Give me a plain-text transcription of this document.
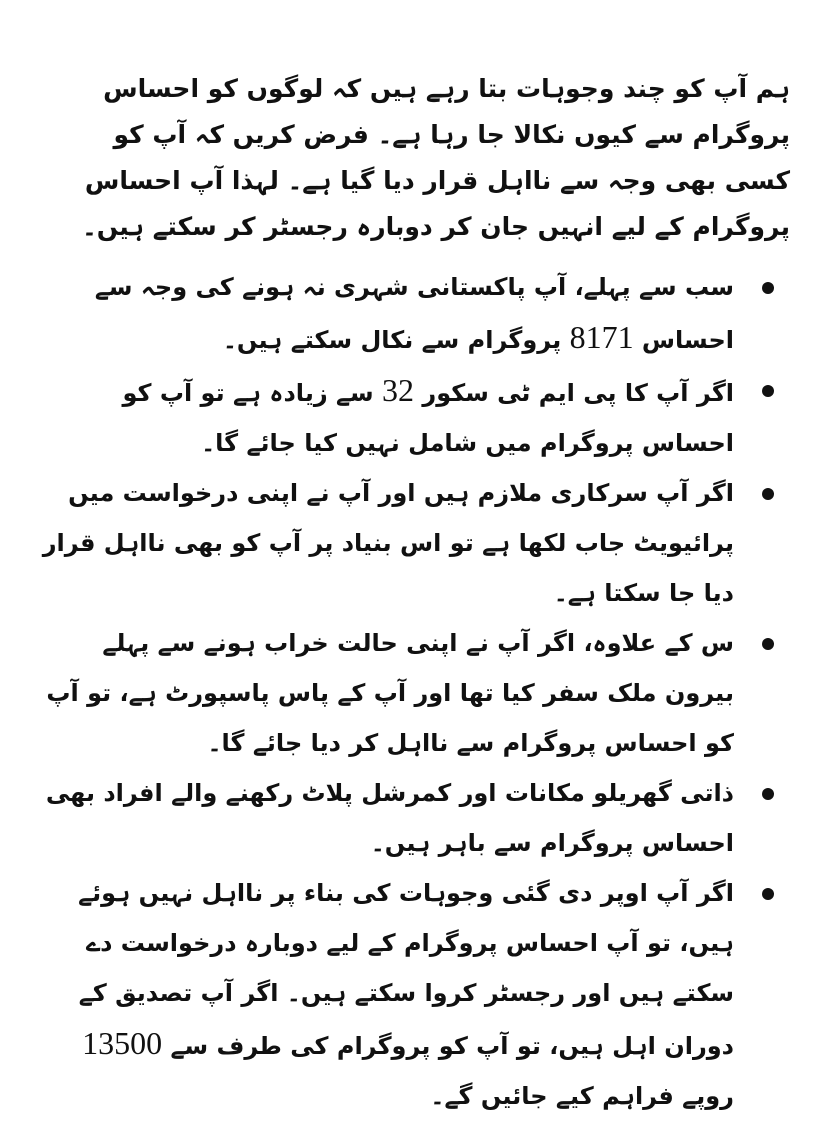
ہم آپ کو چند وجوہات بتا رہے ہیں کہ لوگوں کو احساس پروگرام سے کیوں نکالا جا رہا ہے۔ فرض کریں کہ آپ کو کسی بھی وجہ سے نااہل قرار دیا گیا ہے۔ لہذا آپ احساس پروگرام کے لیے انہیں جان کر دوبارہ رجسٹر کر سکتے ہیں۔

سب سے پہلے، آپ پاکستانی شہری نہ ہونے کی وجہ سے احساس 8171 پروگرام سے نکال سکتے ہیں۔
اگر آپ کا پی ایم ٹی سکور 32 سے زیادہ ہے تو آپ کو احساس پروگرام میں شامل نہیں کیا جائے گا۔
اگر آپ سرکاری ملازم ہیں اور آپ نے اپنی درخواست میں پرائیویٹ جاب لکھا ہے تو اس بنیاد پر آپ کو بھی نااہل قرار دیا جا سکتا ہے۔
س کے علاوہ، اگر آپ نے اپنی حالت خراب ہونے سے پہلے بیرون ملک سفر کیا تھا اور آپ کے پاس پاسپورٹ ہے، تو آپ کو احساس پروگرام سے نااہل کر دیا جائے گا۔
ذاتی گھریلو مکانات اور کمرشل پلاٹ رکھنے والے افراد بھی احساس پروگرام سے باہر ہیں۔
اگر آپ اوپر دی گئی وجوہات کی بناء پر نااہل نہیں ہوئے ہیں، تو آپ احساس پروگرام کے لیے دوبارہ درخواست دے سکتے ہیں اور رجسٹر کروا سکتے ہیں۔ اگر آپ تصدیق کے دوران اہل ہیں، تو آپ کو پروگرام کی طرف سے 13500 روپے فراہم کیے جائیں گے۔
